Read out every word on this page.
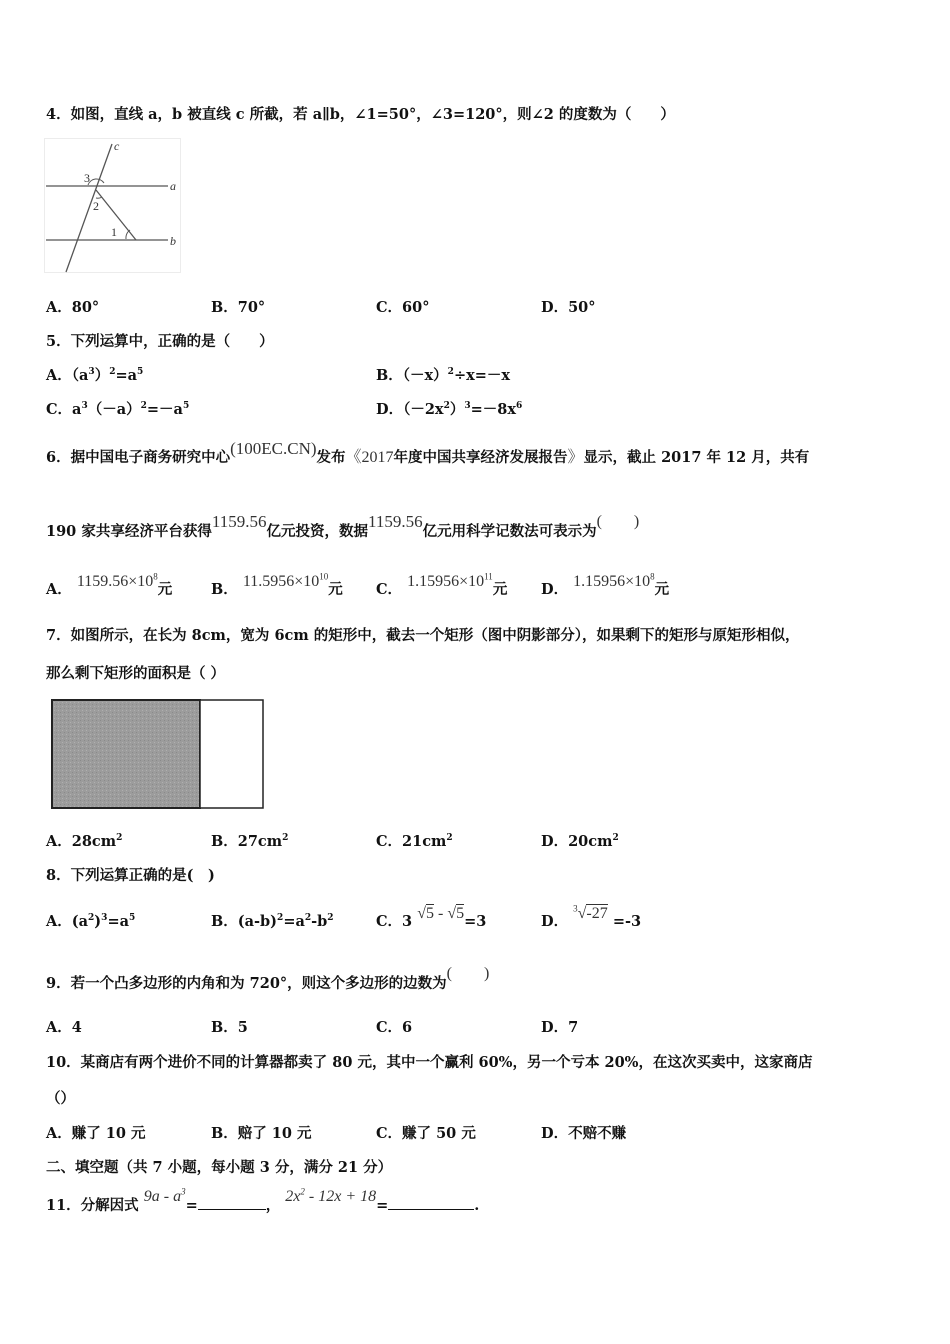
4．如图，直线 a，b 被直线 c 所截，若 a∥b，∠1=50°，∠3=120°，则∠2 的度数为（　　）
c
a
b
3
2
1
A．80°	B．70°	C．60°	D．50°
5．下列运算中，正确的是（　　）
A．$(a^3)^2=a^5$	B．$(-x)^2\div x=-x$
C．$a^3(-a)^2=-a^5$	D．$(-2x^2)^3=-8x^6$
6．据中国电子商务研究中心(100EC.CN)发布《2017年度中国共享经济发展报告》显示，截止 2017 年 12 月，共有
190 家共享经济平台获得1159.56亿元投资，数据1159.56亿元用科学记数法可表示为(　　)
A． $1159.56\times 10^8$元	B． $11.5956\times 10^{10}$元 C． $1.15956\times 10^{11}$元 D． $1.15956\times 10^8$元
7．如图所示，在长为 8cm，宽为 6cm 的矩形中，截去一个矩形（图中阴影部分），如果剩下的矩形与原矩形相似，
那么剩下矩形的面积是（ ）
A．$28cm^2$	B．$27cm^2$	C．$21cm^2$	D．$20cm^2$
8．下列运算正确的是(　)
A．$(a^2)^3=a^5$	B．$(a-b)^2=a^2-b^2$	C．3 √5 - √5=3	D． $^3$√-27 =-3
9．若一个凸多边形的内角和为 720°，则这个多边形的边数为(　　)
A．4	B．5	C．6	D．7
10．某商店有两个进价不同的计算器都卖了 80 元，其中一个赢利 60%，另一个亏本 20%，在这次买卖中，这家商店
（）
A．赚了 10 元	B．赔了 10 元	C．赚了 50 元	D．不赔不赚
二、填空题（共 7 小题，每小题 3 分，满分 21 分）
11．分解因式 $9a - a^3=$	， $2x^2 - 12x + 18=$	.
